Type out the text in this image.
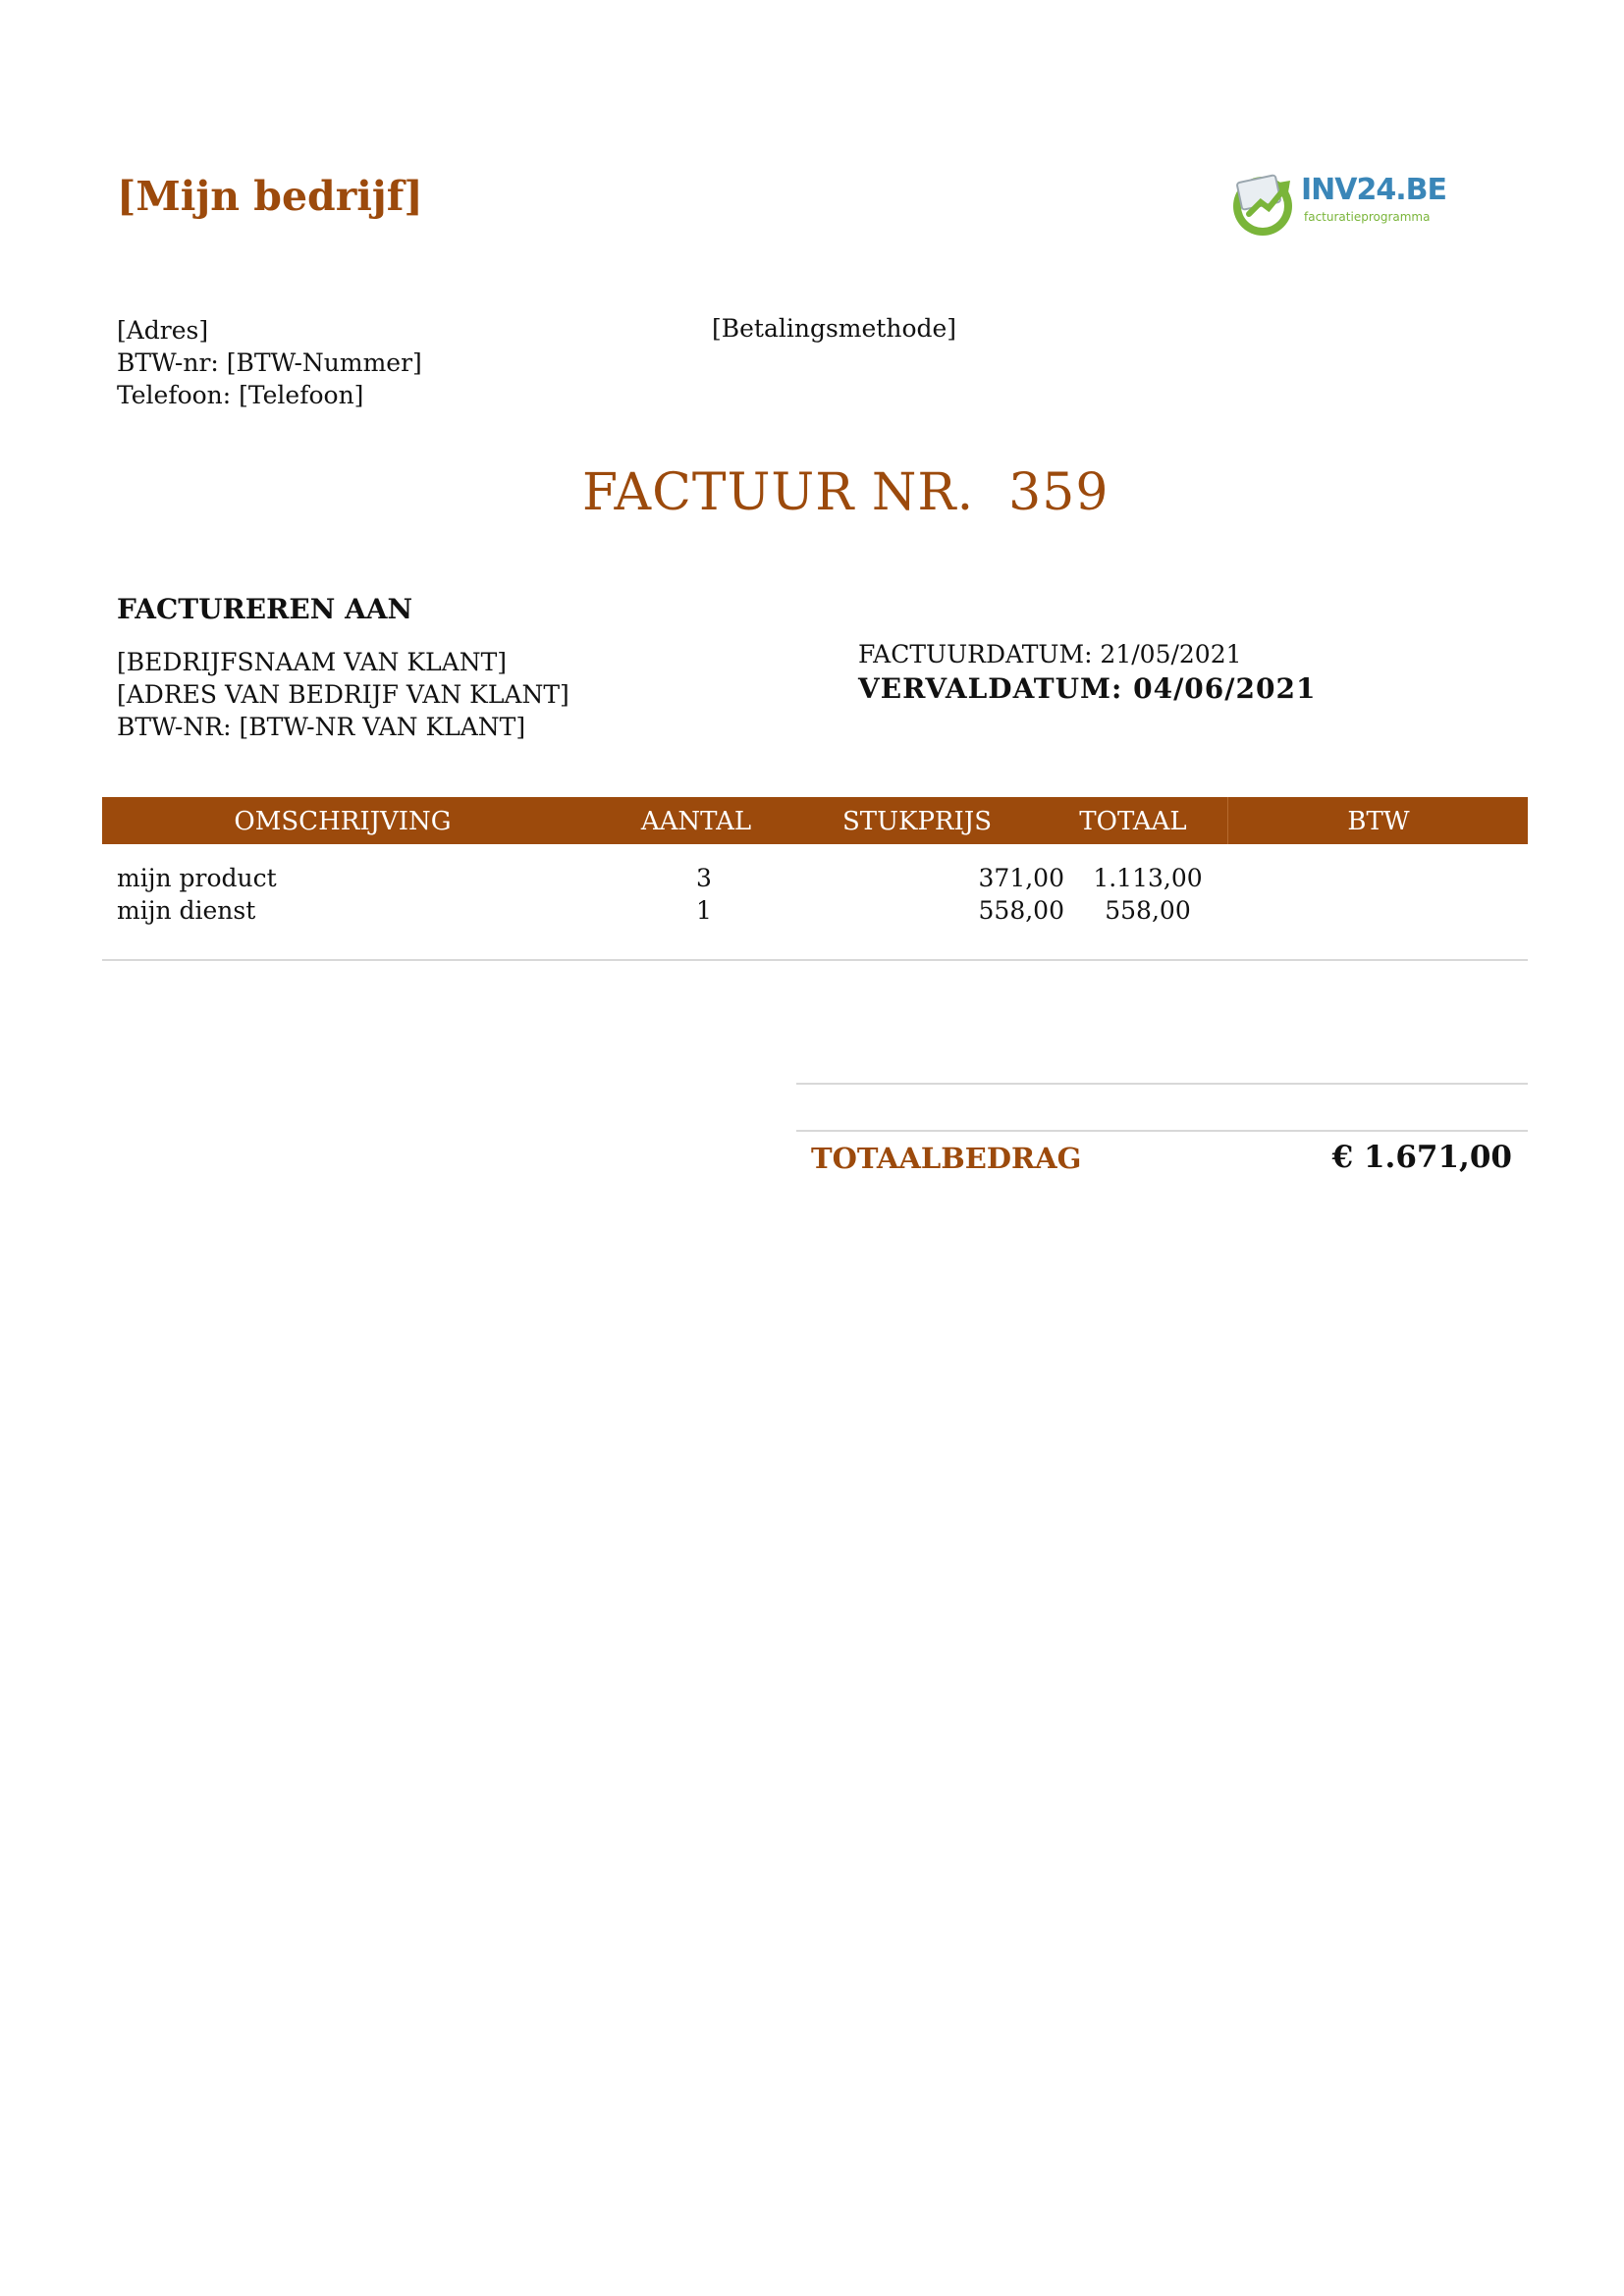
[Mijn bedrijf]	INV24.BE
facturatieprogramma
[Adres]
BTW-nr: [BTW-Nummer]
Telefoon: [Telefoon]
[Betalingsmethode]
FACTUUR NR.  359
FACTUREREN AAN
[BEDRIJFSNAAM VAN KLANT]
[ADRES VAN BEDRIJF VAN KLANT]
BTW-NR: [BTW-NR VAN KLANT]
FACTUURDATUM: 21/05/2021
VERVALDATUM: 04/06/2021
OMSCHRIJVING	AANTAL	STUKPRIJS	TOTAAL	BTW
mijn product	3	371,00	1.113,00
mijn dienst	1	558,00	558,00
TOTAALBEDRAG	€ 1.671,00
